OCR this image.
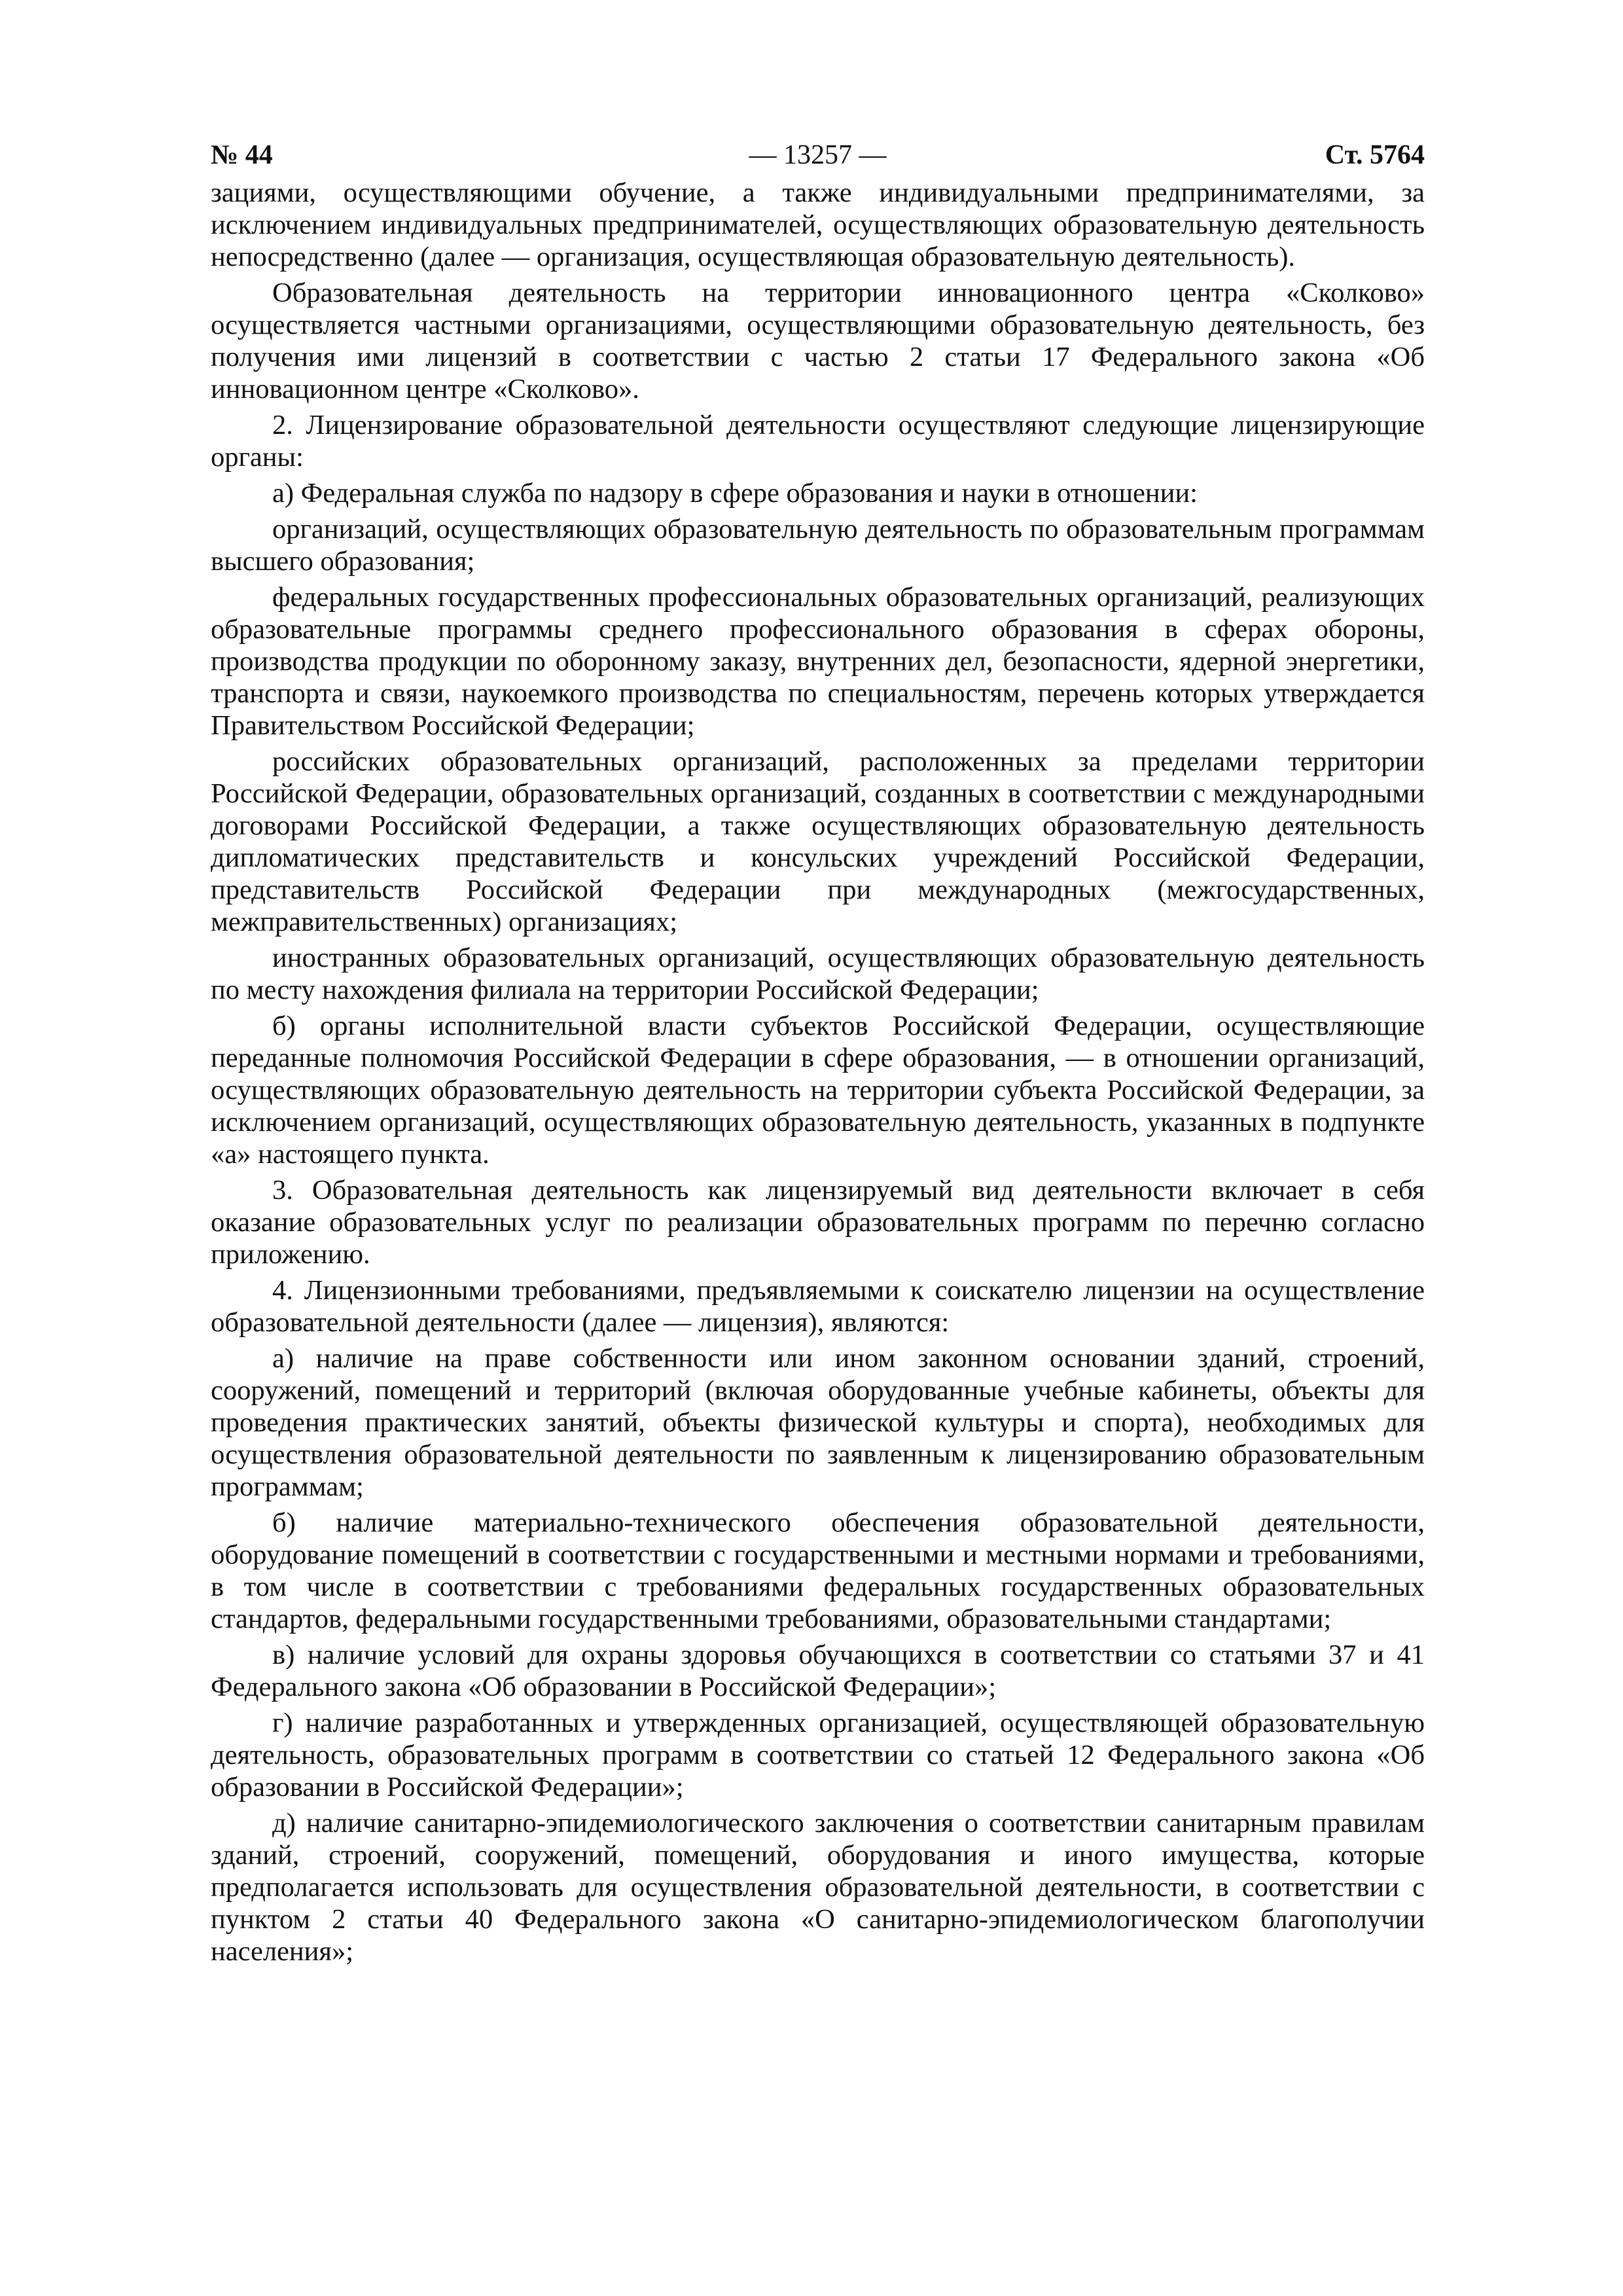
№ 44	— 13257 —	Ст. 5764

зациями, осуществляющими обучение, а также индивидуальными предпринимателями, за исключением индивидуальных предпринимателей, осуществляющих образовательную деятельность непосредственно (далее — организация, осуществляющая образовательную деятельность).

Образовательная деятельность на территории инновационного центра «Сколково» осуществляется частными организациями, осуществляющими образовательную деятельность, без получения ими лицензий в соответствии с частью 2 статьи 17 Федерального закона «Об инновационном центре «Сколково».

2. Лицензирование образовательной деятельности осуществляют следующие лицензирующие органы:

а) Федеральная служба по надзору в сфере образования и науки в отношении:

организаций, осуществляющих образовательную деятельность по образовательным программам высшего образования;

федеральных государственных профессиональных образовательных организаций, реализующих образовательные программы среднего профессионального образования в сферах обороны, производства продукции по оборонному заказу, внутренних дел, безопасности, ядерной энергетики, транспорта и связи, наукоемкого производства по специальностям, перечень которых утверждается Правительством Российской Федерации;

российских образовательных организаций, расположенных за пределами территории Российской Федерации, образовательных организаций, созданных в соответствии с международными договорами Российской Федерации, а также осуществляющих образовательную деятельность дипломатических представительств и консульских учреждений Российской Федерации, представительств Российской Федерации при международных (межгосударственных, межправительственных) организациях;

иностранных образовательных организаций, осуществляющих образовательную деятельность по месту нахождения филиала на территории Российской Федерации;

б) органы исполнительной власти субъектов Российской Федерации, осуществляющие переданные полномочия Российской Федерации в сфере образования, — в отношении организаций, осуществляющих образовательную деятельность на территории субъекта Российской Федерации, за исключением организаций, осуществляющих образовательную деятельность, указанных в подпункте «а» настоящего пункта.

3. Образовательная деятельность как лицензируемый вид деятельности включает в себя оказание образовательных услуг по реализации образовательных программ по перечню согласно приложению.

4. Лицензионными требованиями, предъявляемыми к соискателю лицензии на осуществление образовательной деятельности (далее — лицензия), являются:

а) наличие на праве собственности или ином законном основании зданий, строений, сооружений, помещений и территорий (включая оборудованные учебные кабинеты, объекты для проведения практических занятий, объекты физической культуры и спорта), необходимых для осуществления образовательной деятельности по заявленным к лицензированию образовательным программам;

б) наличие материально-технического обеспечения образовательной деятельности, оборудование помещений в соответствии с государственными и местными нормами и требованиями, в том числе в соответствии с требованиями федеральных государственных образовательных стандартов, федеральными государственными требованиями, образовательными стандартами;

в) наличие условий для охраны здоровья обучающихся в соответствии со статьями 37 и 41 Федерального закона «Об образовании в Российской Федерации»;

г) наличие разработанных и утвержденных организацией, осуществляющей образовательную деятельность, образовательных программ в соответствии со статьей 12 Федерального закона «Об образовании в Российской Федерации»;

д) наличие санитарно-эпидемиологического заключения о соответствии санитарным правилам зданий, строений, сооружений, помещений, оборудования и иного имущества, которые предполагается использовать для осуществления образовательной деятельности, в соответствии с пунктом 2 статьи 40 Федерального закона «О санитарно-эпидемиологическом благополучии населения»;
